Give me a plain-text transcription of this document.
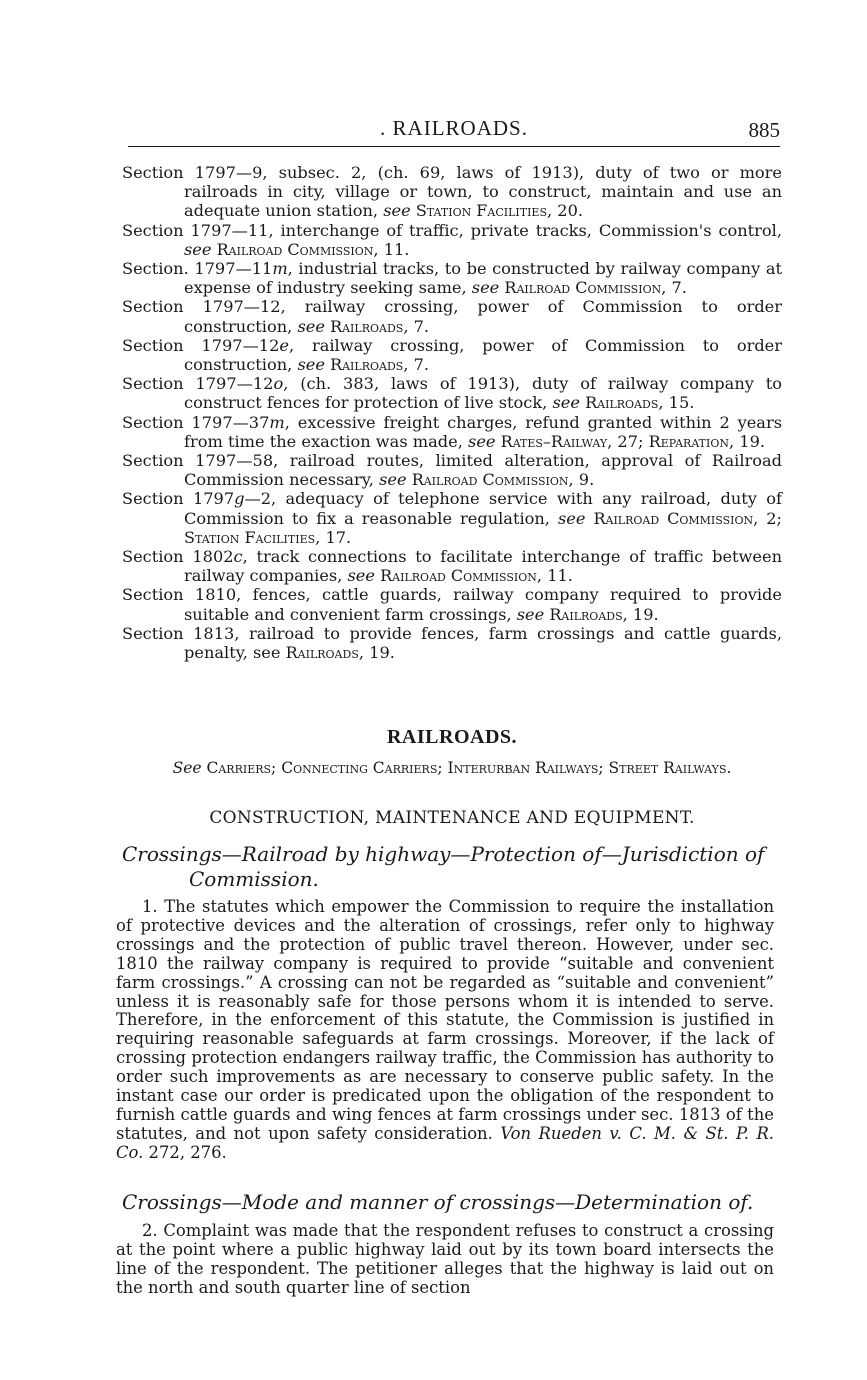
. RAILROADS.	885

Section 1797—9, subsec. 2, (ch. 69, laws of 1913), duty of two or more railroads in city, village or town, to construct, maintain and use an adequate union station, see Station Facilities, 20.

Section 1797—11, interchange of traffic, private tracks, Commission's control, see Railroad Commission, 11.

Section. 1797—11m, industrial tracks, to be constructed by railway company at expense of industry seeking same, see Railroad Commission, 7.

Section 1797—12, railway crossing, power of Commission to order construction, see Railroads, 7.

Section 1797—12e, railway crossing, power of Commission to order construction, see Railroads, 7.

Section 1797—12o, (ch. 383, laws of 1913), duty of railway company to construct fences for protection of live stock, see Railroads, 15.

Section 1797—37m, excessive freight charges, refund granted within 2 years from time the exaction was made, see Rates–Railway, 27; Reparation, 19.

Section 1797—58, railroad routes, limited alteration, approval of Railroad Commission necessary, see Railroad Commission, 9.

Section 1797g—2, adequacy of telephone service with any railroad, duty of Commission to fix a reasonable regulation, see Railroad Commission, 2; Station Facilities, 17.

Section 1802c, track connections to facilitate interchange of traffic between railway companies, see Railroad Commission, 11.

Section 1810, fences, cattle guards, railway company required to provide suitable and convenient farm crossings, see Railroads, 19.

Section 1813, railroad to provide fences, farm crossings and cattle guards, penalty, see Railroads, 19.

RAILROADS.
See Carriers; Connecting Carriers; Interurban Railways; Street Railways.
CONSTRUCTION, MAINTENANCE AND EQUIPMENT.

Crossings—Railroad by highway—Protection of—Jurisdiction of Commission.

1. The statutes which empower the Commission to require the installation of protective devices and the alteration of crossings, refer only to highway crossings and the protection of public travel thereon. However, under sec. 1810 the railway company is required to provide “suitable and convenient farm crossings.” A crossing can not be regarded as “suitable and convenient” unless it is reasonably safe for those persons whom it is intended to serve. Therefore, in the enforcement of this statute, the Commission is justified in requiring reasonable safeguards at farm crossings. Moreover, if the lack of crossing protection endangers railway traffic, the Commission has authority to order such improvements as are necessary to conserve public safety. In the instant case our order is predicated upon the obligation of the respondent to furnish cattle guards and wing fences at farm crossings under sec. 1813 of the statutes, and not upon safety consideration. Von Rueden v. C. M. & St. P. R. Co. 272, 276.

Crossings—Mode and manner of crossings—Determination of.

2. Complaint was made that the respondent refuses to construct a crossing at the point where a public highway laid out by its town board intersects the line of the respondent. The petitioner alleges that the highway is laid out on the north and south quarter line of section
